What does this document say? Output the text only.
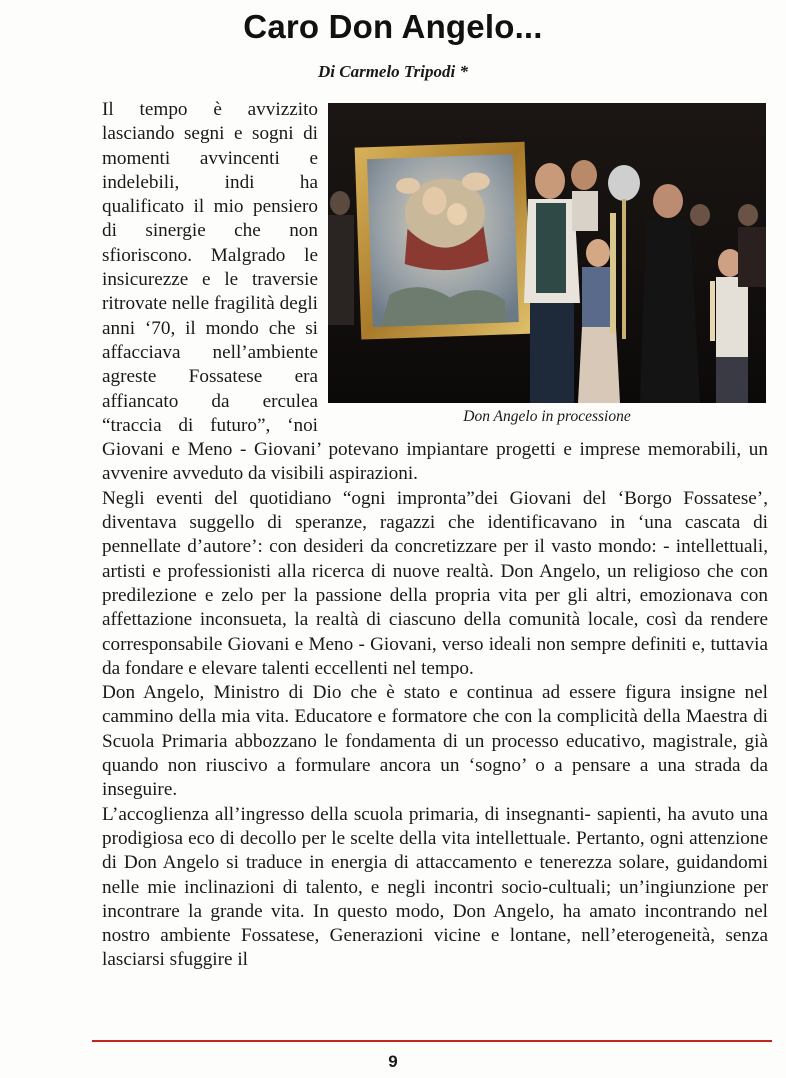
Caro Don Angelo...
Di Carmelo Tripodi *
Don Angelo in processione

Il tempo è avvizzito lasciando segni e sogni di momenti avvincenti e indelebili, indi ha qualificato il mio pensiero di sinergie che non sfioriscono. Malgrado le insicurezze e le traversie ritrovate nelle fragilità degli anni ‘70, il mondo che si affacciava nell’ambiente agreste Fossatese era affiancato da erculea “traccia di futuro”, ‘noi Giovani e Meno - Giovani’ potevano impiantare progetti e imprese memorabili, un avvenire avveduto da visibili aspirazioni.

Negli eventi del quotidiano “ogni impronta”dei Giovani del ‘Borgo Fossatese’, diventava suggello di speranze, ragazzi che identificavano in ‘una cascata di pennellate d’autore’: con desideri da concretizzare per il vasto mondo: - intellettuali, artisti e professionisti alla ricerca di nuove realtà. Don Angelo, un religioso che con predilezione e zelo per la passione della propria vita per gli altri, emozionava con affettazione inconsueta, la realtà di ciascuno della comunità locale, così da rendere corresponsabile Giovani e Meno - Giovani, verso ideali non sempre definiti e, tuttavia da fondare e elevare talenti eccellenti nel tempo.

Don Angelo, Ministro di Dio che è stato e continua ad essere figura insigne nel cammino della mia vita. Educatore e formatore che con la complicità della Maestra di Scuola Primaria abbozzano le fondamenta di un processo educativo, magistrale, già quando non riuscivo a formulare ancora un ‘sogno’ o a pensare a una strada da inseguire.

L’accoglienza all’ingresso della scuola primaria, di insegnanti- sapienti, ha avuto una prodigiosa eco di decollo per le scelte della vita intellettuale. Pertanto, ogni attenzione di Don Angelo si traduce in energia di attaccamento e tenerezza solare, guidandomi nelle mie inclinazioni di talento, e negli incontri socio-cultuali; un’ingiunzione per incontrare la grande vita. In questo modo, Don Angelo, ha amato incontrando nel nostro ambiente Fossatese, Generazioni vicine e lontane, nell’eterogeneità, senza lasciarsi sfuggire il

9
